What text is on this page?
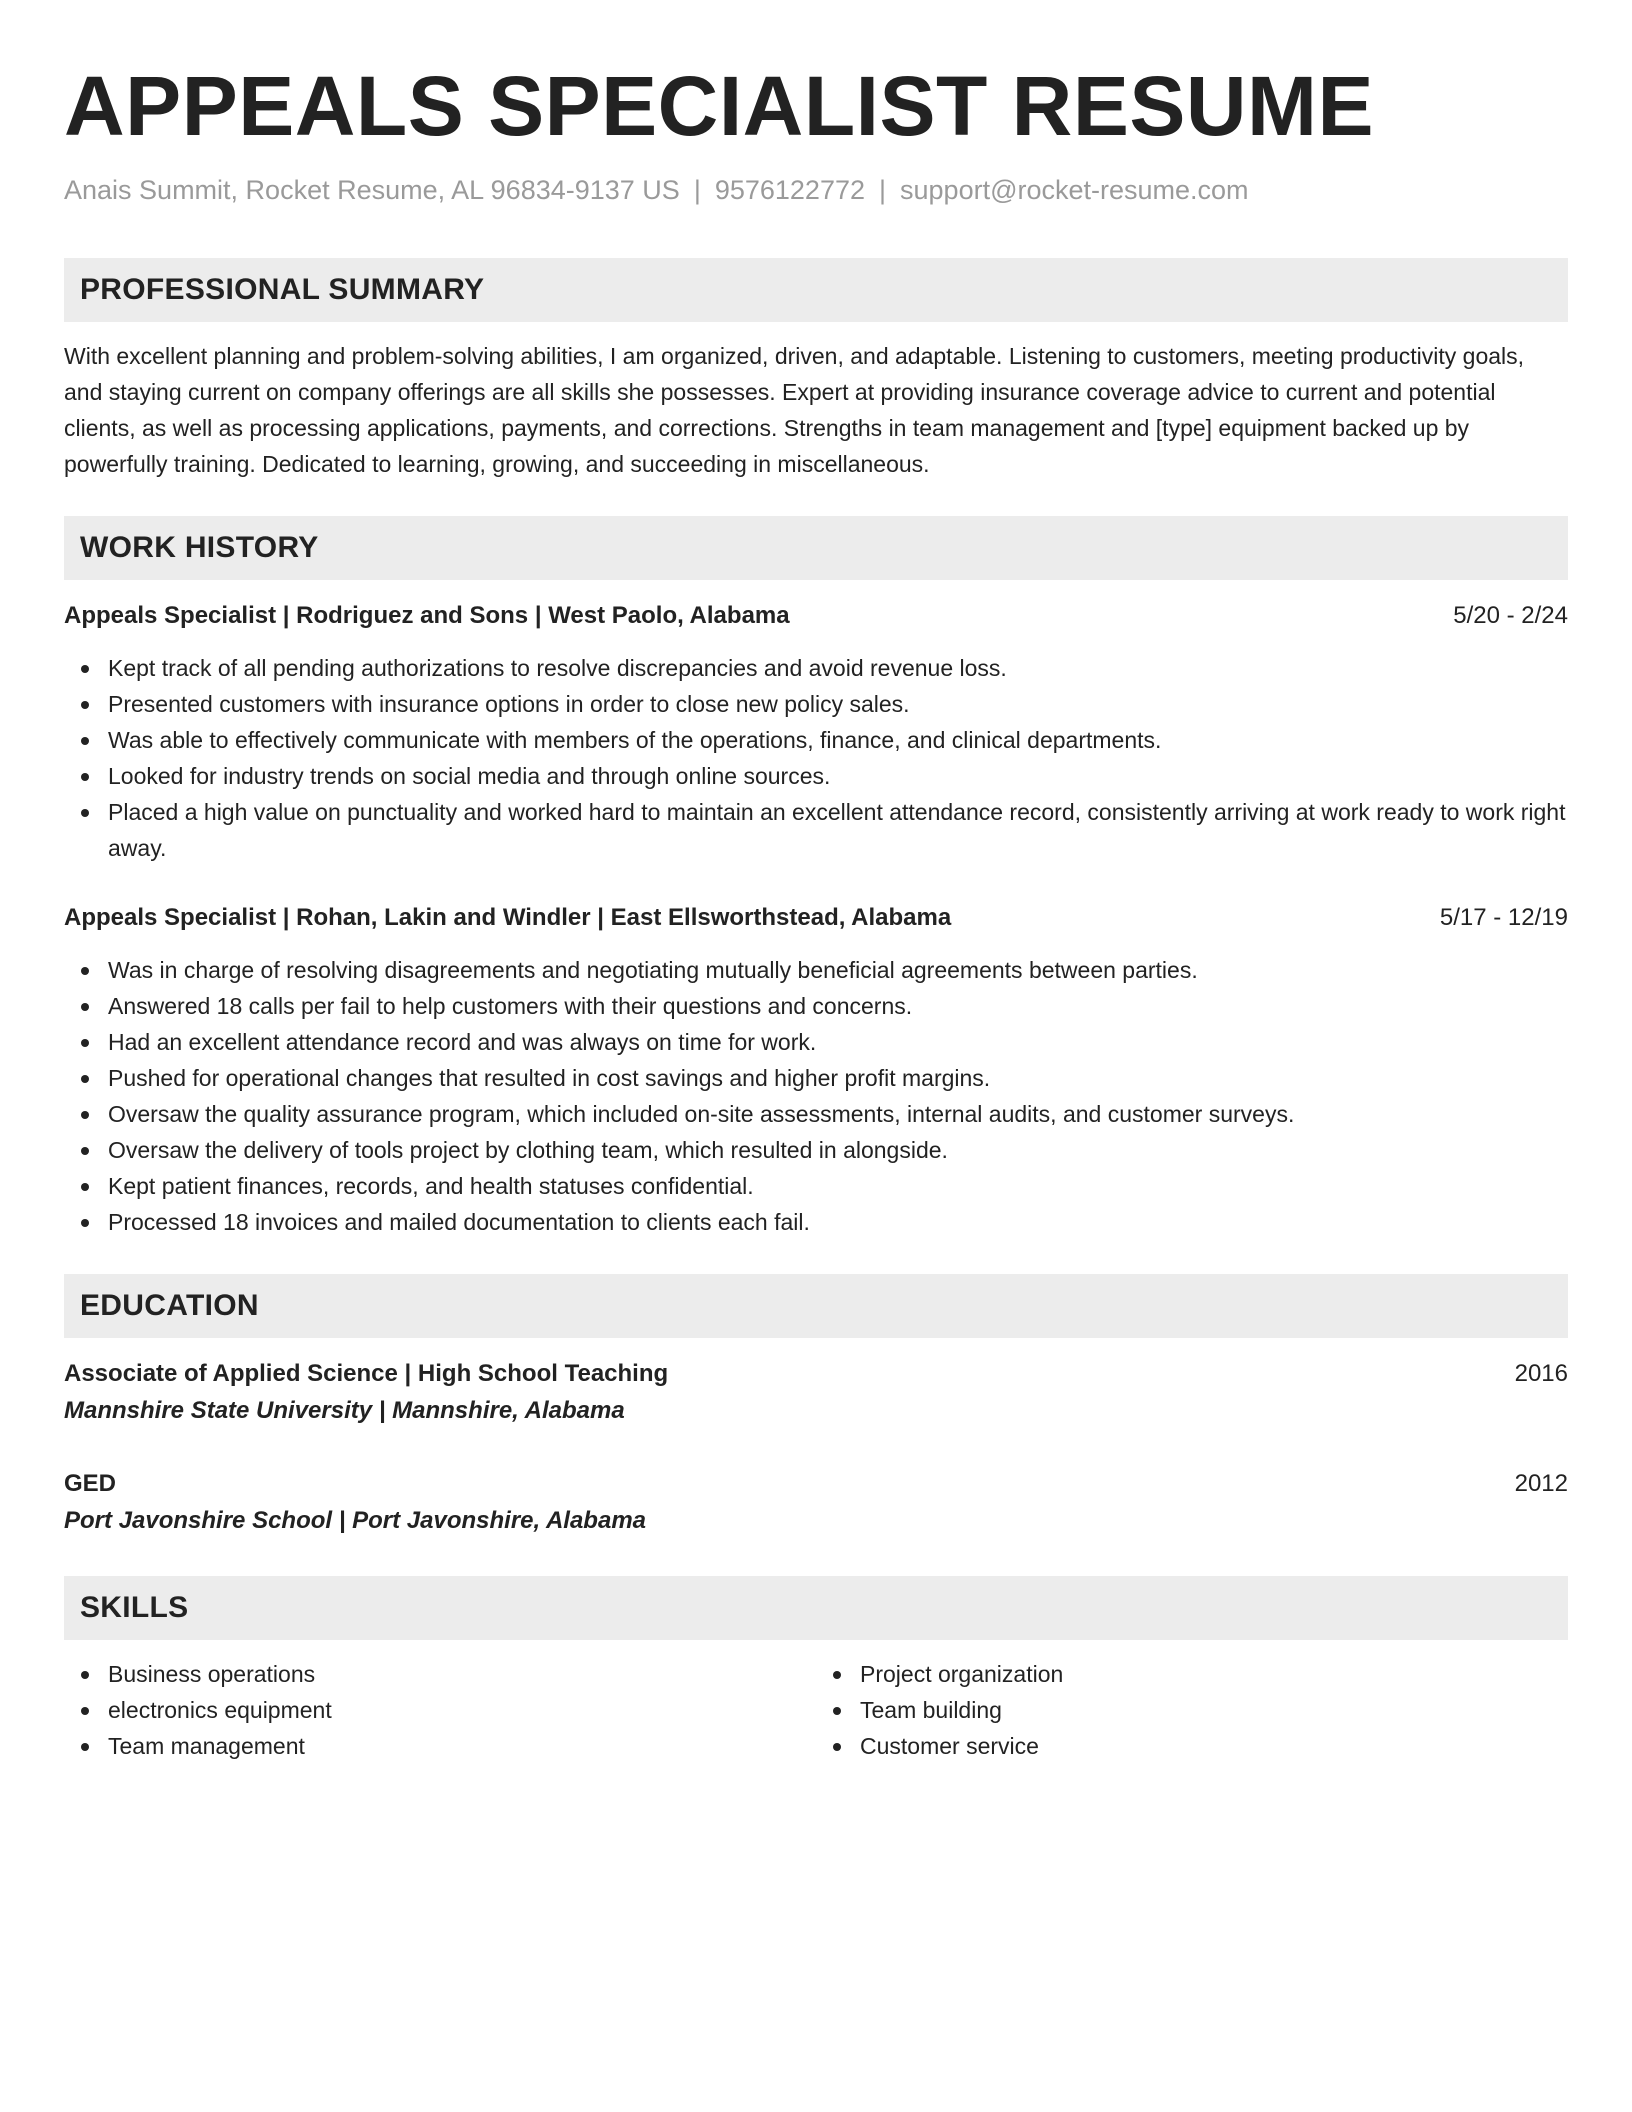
APPEALS SPECIALIST RESUME
Anais Summit, Rocket Resume, AL 96834-9137 US | 9576122772 | support@rocket-resume.com
PROFESSIONAL SUMMARY

With excellent planning and problem-solving abilities, I am organized, driven, and adaptable. Listening to customers, meeting productivity goals, and staying current on company offerings are all skills she possesses. Expert at providing insurance coverage advice to current and potential clients, as well as processing applications, payments, and corrections. Strengths in team management and [type] equipment backed up by powerfully training. Dedicated to learning, growing, and succeeding in miscellaneous.

WORK HISTORY
Appeals Specialist | Rodriguez and Sons | West Paolo, Alabama	5/20 - 2/24
Kept track of all pending authorizations to resolve discrepancies and avoid revenue loss.
Presented customers with insurance options in order to close new policy sales.
Was able to effectively communicate with members of the operations, finance, and clinical departments.
Looked for industry trends on social media and through online sources.
Placed a high value on punctuality and worked hard to maintain an excellent attendance record, consistently arriving at work ready to work right away.
Appeals Specialist | Rohan, Lakin and Windler | East Ellsworthstead, Alabama	5/17 - 12/19
Was in charge of resolving disagreements and negotiating mutually beneficial agreements between parties.
Answered 18 calls per fail to help customers with their questions and concerns.
Had an excellent attendance record and was always on time for work.
Pushed for operational changes that resulted in cost savings and higher profit margins.
Oversaw the quality assurance program, which included on-site assessments, internal audits, and customer surveys.
Oversaw the delivery of tools project by clothing team, which resulted in alongside.
Kept patient finances, records, and health statuses confidential.
Processed 18 invoices and mailed documentation to clients each fail.
EDUCATION
Associate of Applied Science | High School Teaching	2016
Mannshire State University | Mannshire, Alabama
GED	2012
Port Javonshire School | Port Javonshire, Alabama
SKILLS
Business operations
electronics equipment
Team management
Project organization
Team building
Customer service
